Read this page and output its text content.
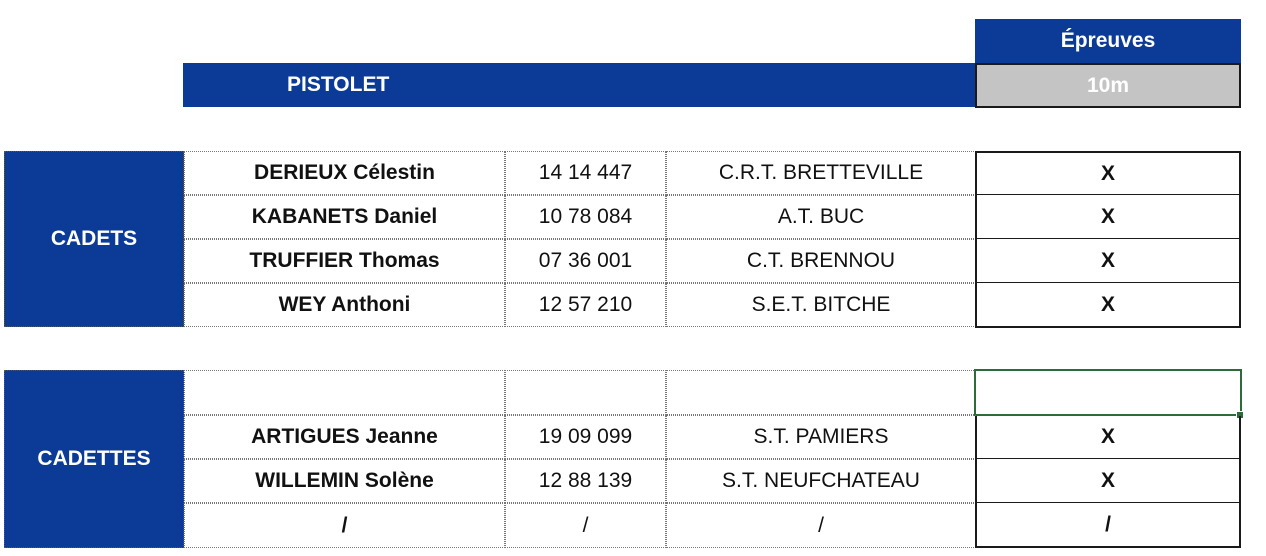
Épreuves
PISTOLET	10m
CADETS
DERIEUX Célestin	14 14 447	C.R.T. BRETTEVILLE	X
KABANETS Daniel	10 78 084	A.T. BUC	X
TRUFFIER Thomas	07 36 001	C.T. BRENNOU	X
WEY Anthoni	12 57 210	S.E.T. BITCHE	X
CADETTES
ARTIGUES Jeanne	19 09 099	S.T. PAMIERS	X
WILLEMIN Solène	12 88 139	S.T. NEUFCHATEAU	X
/	/	/	/
